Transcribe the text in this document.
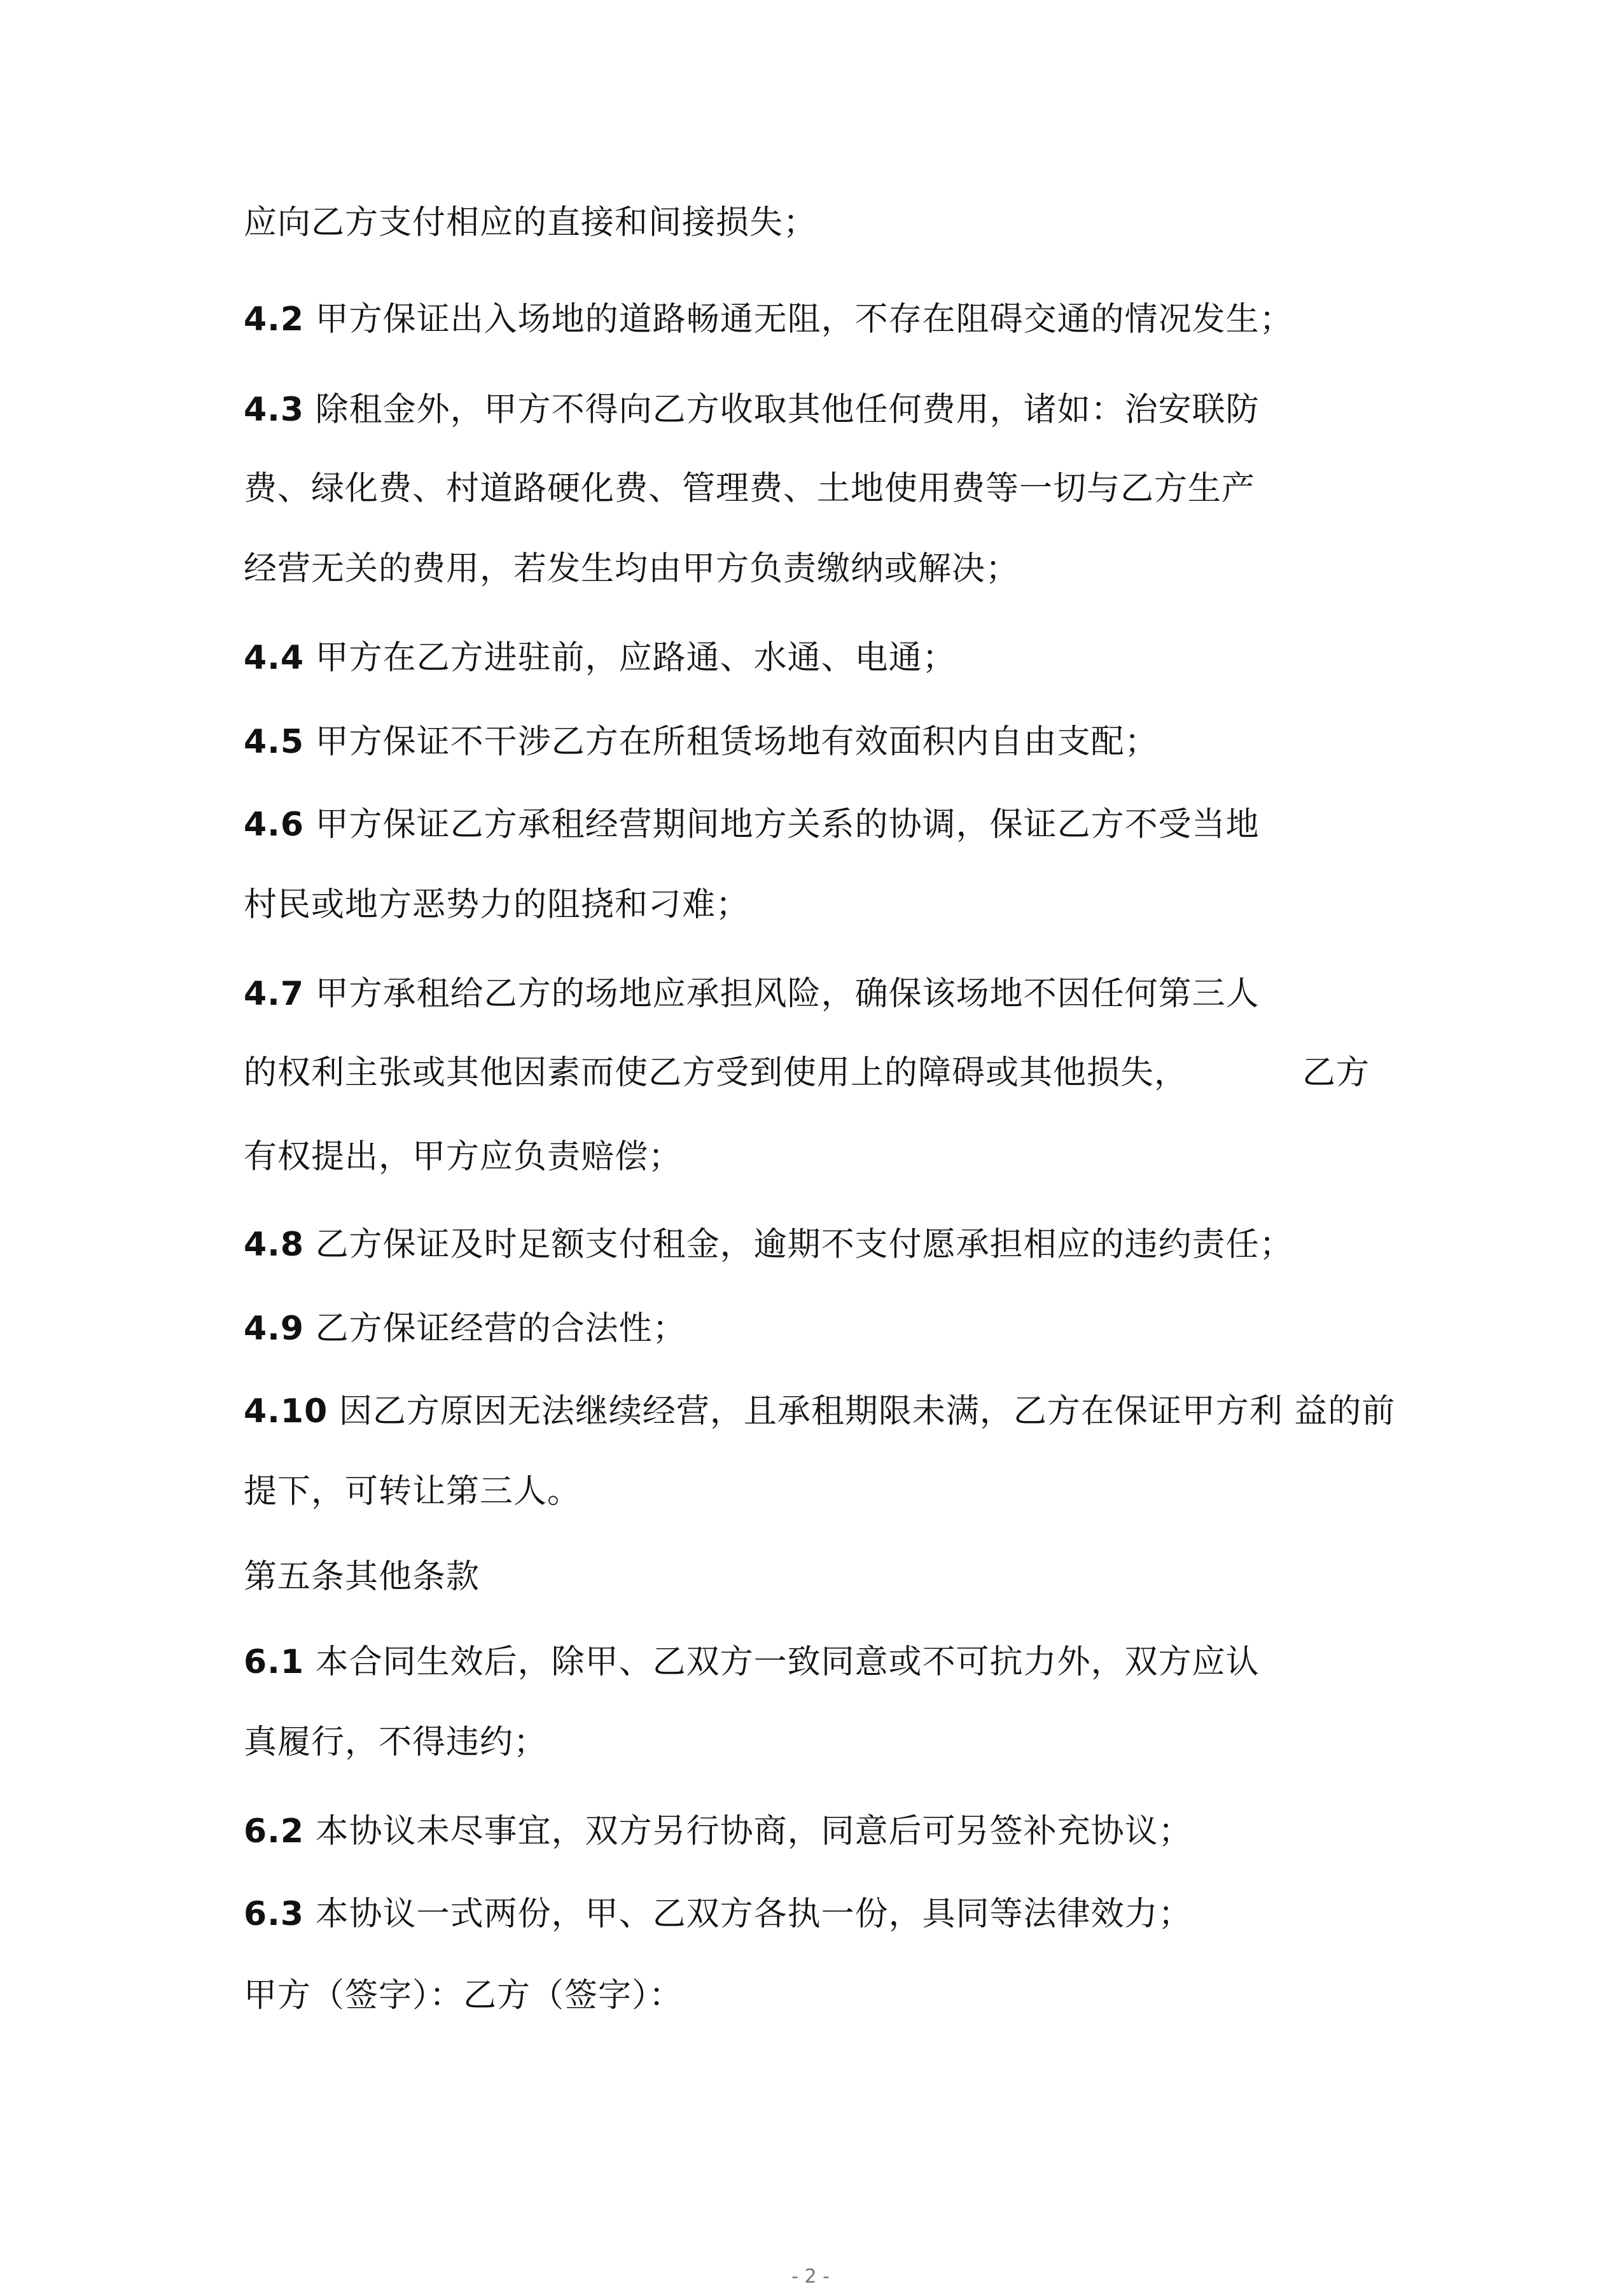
应向乙方支付相应的直接和间接损失；
4.2 甲方保证出入场地的道路畅通无阻，不存在阻碍交通的情况发生；
4.3 除租金外，甲方不得向乙方收取其他任何费用，诸如：治安联防
费、绿化费、村道路硬化费、管理费、土地使用费等一切与乙方生产
经营无关的费用，若发生均由甲方负责缴纳或解决；
4.4 甲方在乙方进驻前，应路通、水通、电通；
4.5 甲方保证不干涉乙方在所租赁场地有效面积内自由支配；
4.6 甲方保证乙方承租经营期间地方关系的协调，保证乙方不受当地
村民或地方恶势力的阻挠和刁难；
4.7 甲方承租给乙方的场地应承担风险，确保该场地不因任何第三人
的权利主张或其他因素而使乙方受到使用上的障碍或其他损失，	乙方
有权提出，甲方应负责赔偿；
4.8 乙方保证及时足额支付租金，逾期不支付愿承担相应的违约责任；
4.9 乙方保证经营的合法性；
4.10 因乙方原因无法继续经营，且承租期限未满，乙方在保证甲方利 益的前
提下，可转让第三人。
第五条其他条款
6.1 本合同生效后，除甲、乙双方一致同意或不可抗力外，双方应认
真履行，不得违约；
6.2 本协议未尽事宜，双方另行协商，同意后可另签补充协议；
6.3 本协议一式两份，甲、乙双方各执一份，具同等法律效力；
甲方（签字）：乙方（签字）：
- 2 -
